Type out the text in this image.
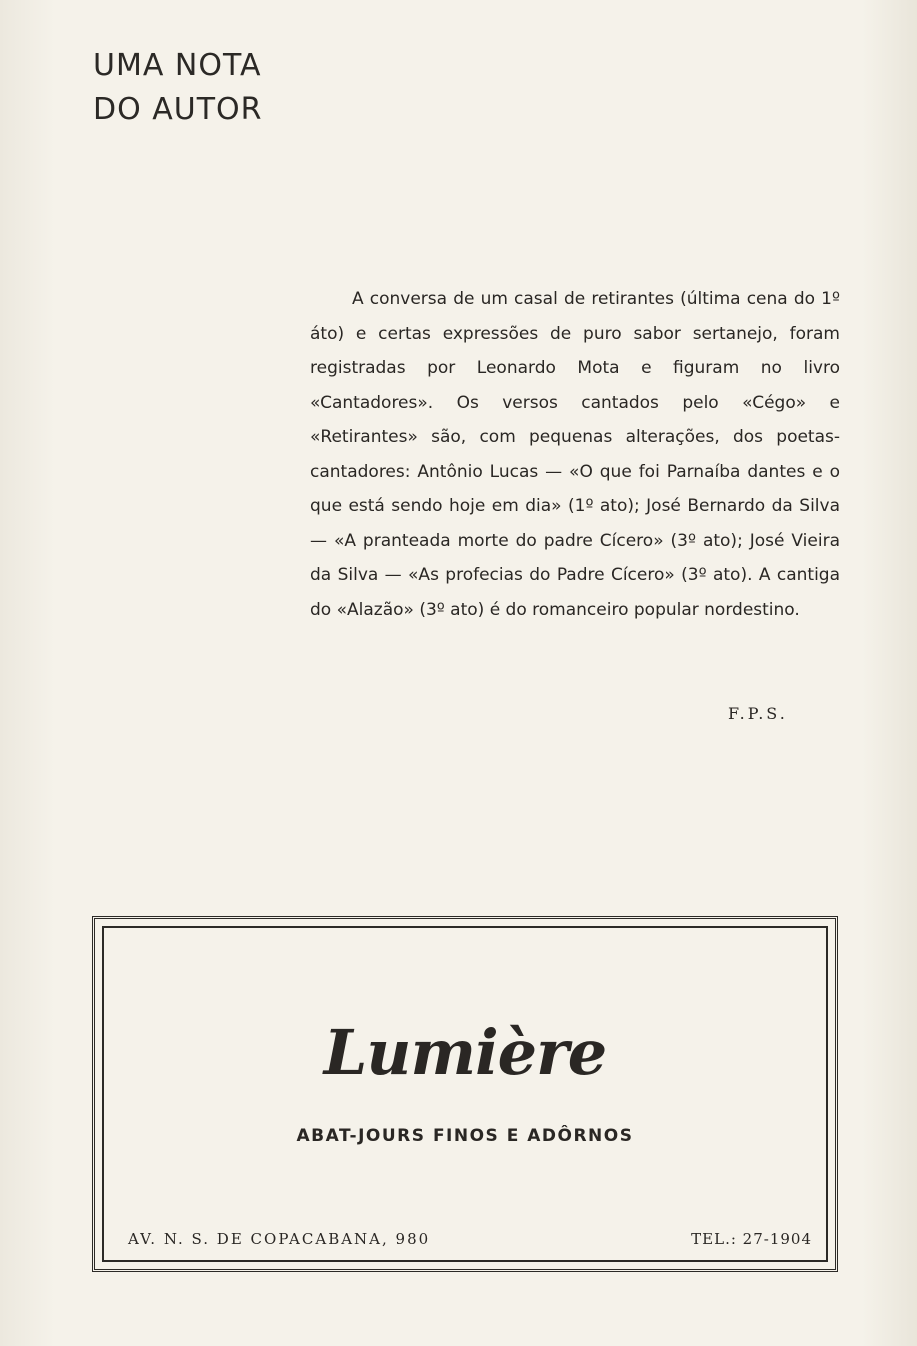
UMA NOTA
DO AUTOR

A conversa de um casal de retirantes (última cena do 1º áto) e certas expressões de puro sabor sertanejo, foram registradas por Leonardo Mota e figuram no livro «Cantadores». Os versos cantados pelo «Cégo» e «Retirantes» são, com pequenas alterações, dos poetas-cantadores: Antônio Lucas — «O que foi Parnaíba dantes e o que está sendo hoje em dia» (1º ato); José Bernardo da Silva — «A pranteada morte do padre Cícero» (3º ato); José Vieira da Silva — «As profecias do Padre Cícero» (3º ato). A cantiga do «Alazão» (3º ato) é do romanceiro popular nordestino.

F.P.S.
Lumière
ABAT-JOURS FINOS E ADÔRNOS
AV. N. S. DE COPACABANA, 980	TEL.: 27-1904
